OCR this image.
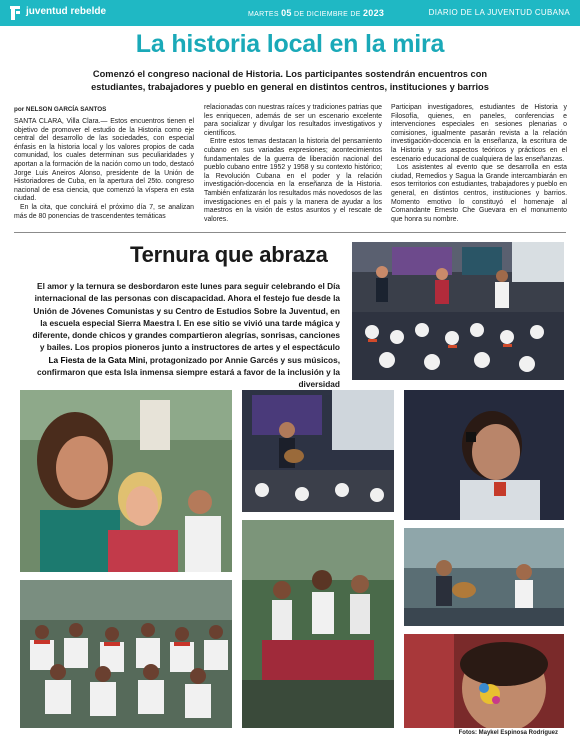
juventud rebelde	MARTES 05 DE DICIEMBRE DE 2023	DIARIO DE LA JUVENTUD CUBANA
La historia local en la mira
Comenzó el congreso nacional de Historia. Los participantes sostendrán encuentros con estudiantes, trabajadores y pueblo en general en distintos centros, instituciones y barrios
por NELSON GARCÍA SANTOS

SANTA CLARA, Villa Clara.— Estos encuentros tienen el objetivo de promover el estudio de la Historia como eje central del desarrollo de las sociedades, con especial énfasis en la historia local y los valores propios de cada comunidad, los cuales determinan sus peculiaridades y aportan a la formación de la nación como un todo, destacó Jorge Luis Aneiros Alonso, presidente de la Unión de Historiadores de Cuba, en la apertura del 25to. congreso nacional de esa ciencia, que comenzó la víspera en esta ciudad.

En la cita, que concluirá el próximo día 7, se analizan más de 80 ponencias de trascendentes temáticas

relacionadas con nuestras raíces y tradiciones patrias que les enriquecen, además de ser un escenario excelente para socializar y divulgar los resultados investigativos y científicos.

Entre estos temas destacan la historia del pensamiento cubano en sus variadas expresiones; acontecimientos fundamentales de la guerra de liberación nacional del pueblo cubano entre 1952 y 1958 y su contexto histórico; la Revolución Cubana en el poder y la relación investigación-docencia en la enseñanza de la Historia. También enfatizarán los resultados más novedosos de las investigaciones en el país y la manera de ayudar a los maestros en la visión de estos asuntos y el rescate de valores.

Participan investigadores, estudiantes de Historia y Filosofía, quienes, en paneles, conferencias e intervenciones especiales en sesiones plenarias o comisiones, igualmente pasarán revista a la relación investigación-docencia en la enseñanza, la escritura de la Historia y sus aspectos teóricos y prácticos en el escenario educacional de cualquiera de las enseñanzas.

Los asistentes al evento que se desarrolla en esta ciudad, Remedios y Sagua la Grande intercambiarán en esos territorios con estudiantes, trabajadores y pueblo en general, en distintos centros, instituciones y barrios. Momento emotivo lo constituyó el homenaje al Comandante Ernesto Che Guevara en el monumento que honra su nombre.

Ternura que abraza
El amor y la ternura se desbordaron este lunes para seguir celebrando el Día internacional de las personas con discapacidad. Ahora el festejo fue desde la Unión de Jóvenes Comunistas y su Centro de Estudios Sobre la Juventud, en la escuela especial Sierra Maestra I. En ese sitio se vivió una tarde mágica y diferente, donde chicos y grandes compartieron alegrías, sonrisas, canciones y bailes. Los propios pioneros junto a instructores de artes y el espectáculo La Fiesta de la Gata Mini, protagonizado por Annie Garcés y sus músicos, confirmaron que esta Isla inmensa siempre estará a favor de la inclusión y la diversidad
Fotos: Maykel Espinosa Rodríguez
